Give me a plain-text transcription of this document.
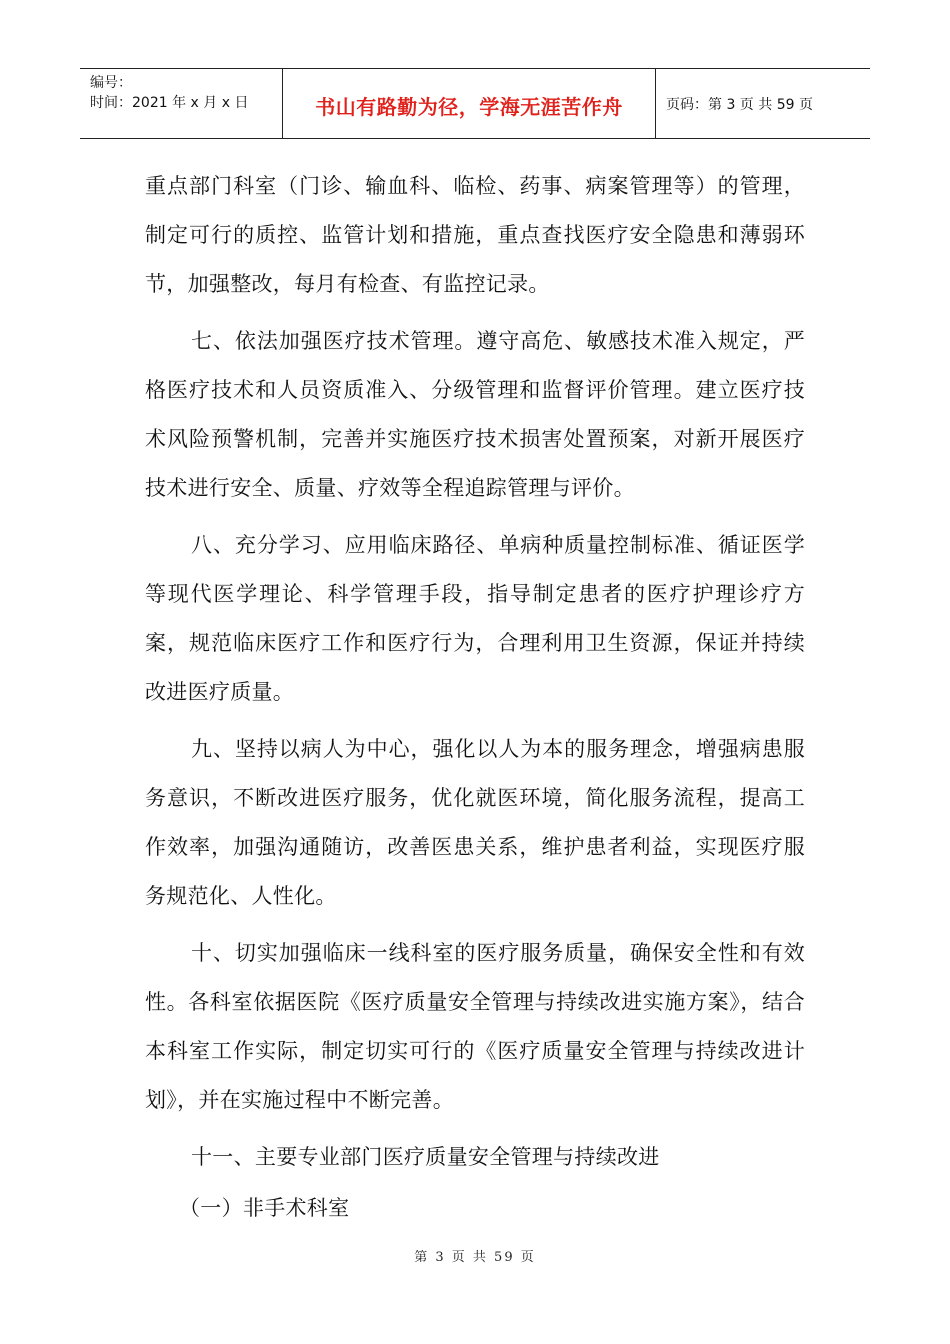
编号：
时间：2021 年 x 月 x 日	书山有路勤为径，学海无涯苦作舟	页码：第 3 页 共 59 页

重点部门科室（门诊、输血科、临检、药事、病案管理等）的管理，制定可行的质控、监管计划和措施，重点查找医疗安全隐患和薄弱环节，加强整改，每月有检查、有监控记录。

七、依法加强医疗技术管理。遵守高危、敏感技术准入规定，严格医疗技术和人员资质准入、分级管理和监督评价管理。建立医疗技术风险预警机制，完善并实施医疗技术损害处置预案，对新开展医疗技术进行安全、质量、疗效等全程追踪管理与评价。

八、充分学习、应用临床路径、单病种质量控制标准、循证医学等现代医学理论、科学管理手段，指导制定患者的医疗护理诊疗方案，规范临床医疗工作和医疗行为，合理利用卫生资源，保证并持续改进医疗质量。

九、坚持以病人为中心，强化以人为本的服务理念，增强病患服务意识，不断改进医疗服务，优化就医环境，简化服务流程，提高工作效率，加强沟通随访，改善医患关系，维护患者利益，实现医疗服务规范化、人性化。

十、切实加强临床一线科室的医疗服务质量，确保安全性和有效性。各科室依据医院《医疗质量安全管理与持续改进实施方案》，结合本科室工作实际，制定切实可行的《医疗质量安全管理与持续改进计划》，并在实施过程中不断完善。

十一、主要专业部门医疗质量安全管理与持续改进

（一）非手术科室

第 3 页 共 59 页
